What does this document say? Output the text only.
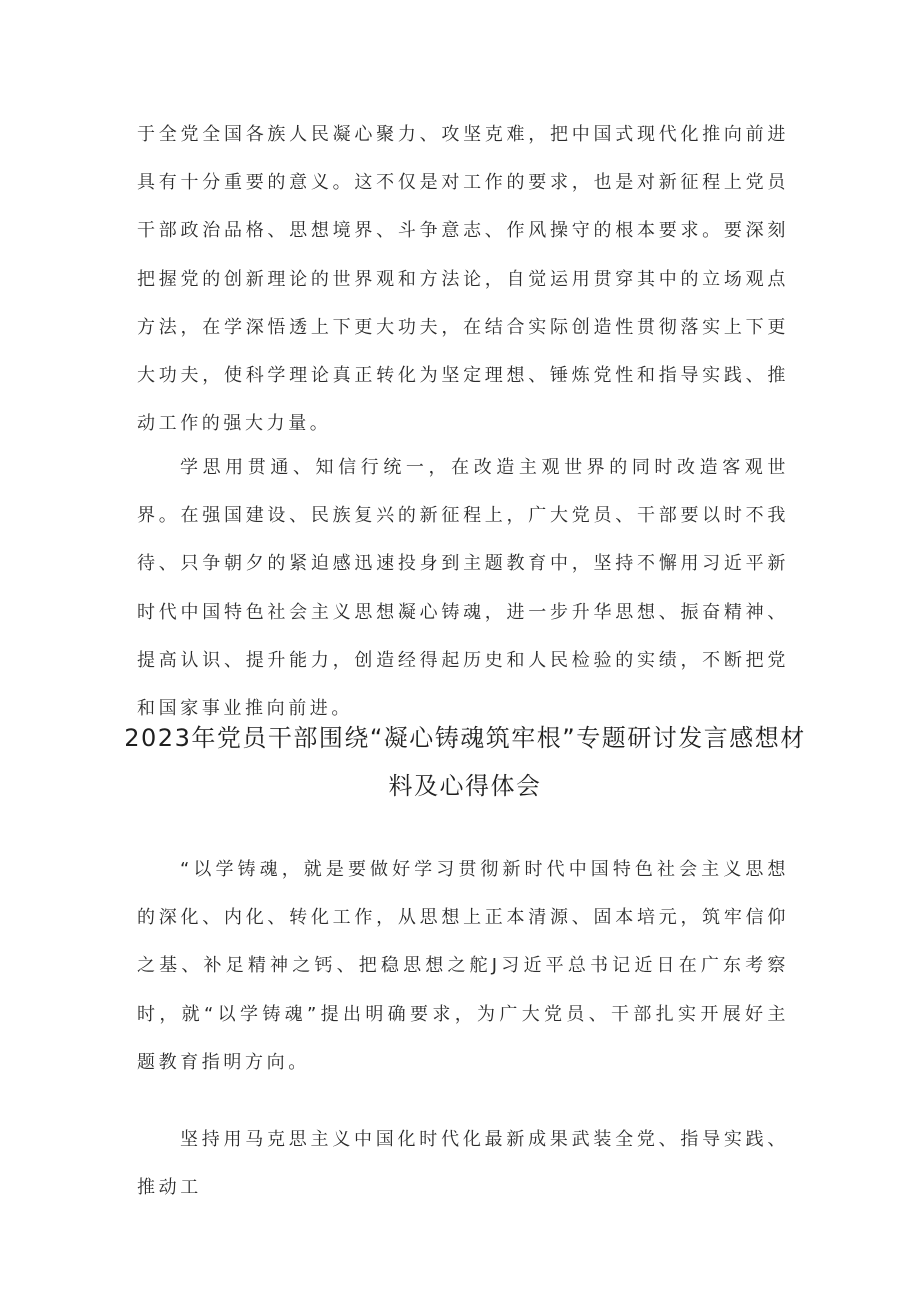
于全党全国各族人民凝心聚力、攻坚克难，把中国式现代化推向前进具有十分重要的意义。这不仅是对工作的要求，也是对新征程上党员干部政治品格、思想境界、斗争意志、作风操守的根本要求。要深刻把握党的创新理论的世界观和方法论，自觉运用贯穿其中的立场观点方法，在学深悟透上下更大功夫，在结合实际创造性贯彻落实上下更大功夫，使科学理论真正转化为坚定理想、锤炼党性和指导实践、推动工作的强大力量。

学思用贯通、知信行统一，在改造主观世界的同时改造客观世界。在强国建设、民族复兴的新征程上，广大党员、干部要以时不我待、只争朝夕的紧迫感迅速投身到主题教育中，坚持不懈用习近平新时代中国特色社会主义思想凝心铸魂，进一步升华思想、振奋精神、提高认识、提升能力，创造经得起历史和人民检验的实绩，不断把党和国家事业推向前进。

2023年党员干部围绕“凝心铸魂筑牢根”专题研讨发言感想材料及心得体会

“以学铸魂，就是要做好学习贯彻新时代中国特色社会主义思想的深化、内化、转化工作，从思想上正本清源、固本培元，筑牢信仰之基、补足精神之钙、把稳思想之舵J习近平总书记近日在广东考察时，就“以学铸魂”提出明确要求，为广大党员、干部扎实开展好主题教育指明方向。

坚持用马克思主义中国化时代化最新成果武装全党、指导实践、推动工
